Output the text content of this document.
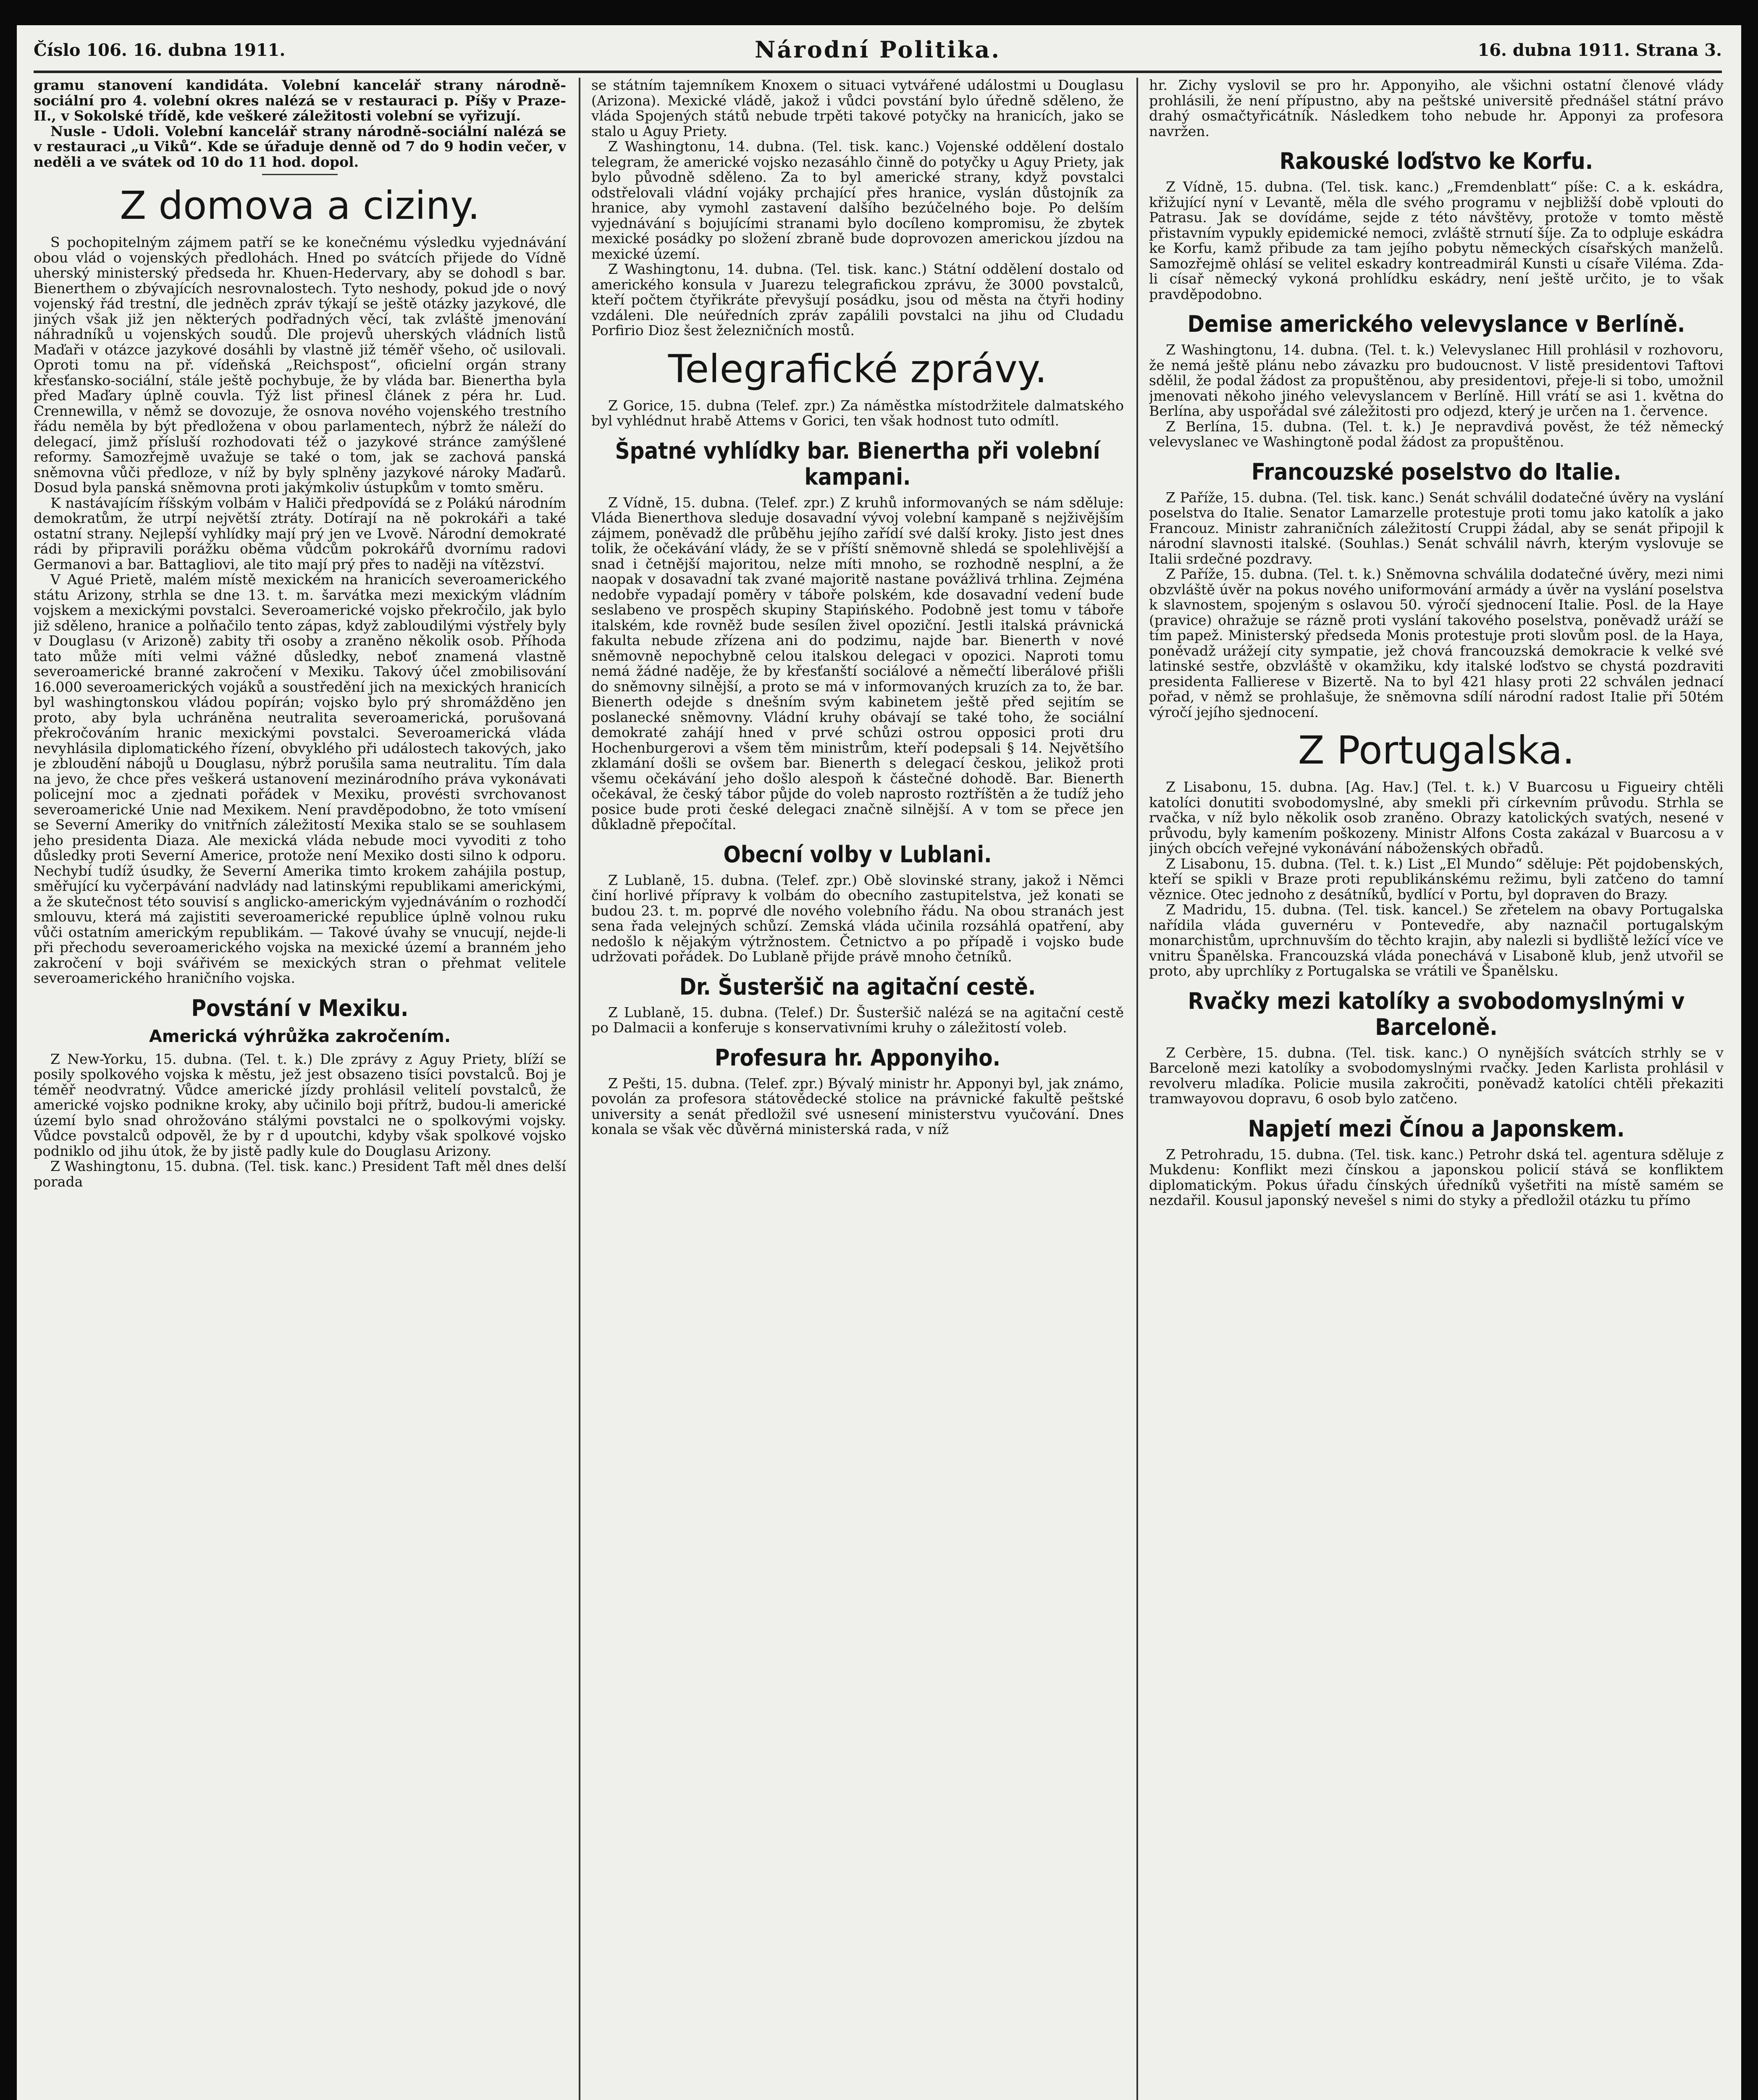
Číslo 106. 16. dubna 1911.	Národní Politika.	16. dubna 1911. Strana 3.

gramu stanovení kandidáta. Volební kancelář strany národně-sociální pro 4. volební okres nalézá se v restauraci p. Píšy v Praze-II., v Sokolské třídě, kde veškeré záležitosti volební se vyřizují.

Nusle - Udoli. Volební kancelář strany národně-sociální nalézá se v restauraci „u Viků“. Kde se úřaduje denně od 7 do 9 hodin večer, v neděli a ve svátek od 10 do 11 hod. dopol.

Z domova a ciziny.

S pochopitelným zájmem patří se ke konečnému výsledku vyjednávání obou vlád o vojenských předlohách. Hned po svátcích přijede do Vídně uherský ministerský předseda hr. Khuen-Hedervary, aby se dohodl s bar. Bienerthem o zbývajících nesrovnalostech. Tyto neshody, pokud jde o nový vojenský řád trestní, dle jedněch zpráv týkají se ještě otázky jazykové, dle jiných však již jen některých podřadných věcí, tak zvláště jmenování náhradníků u vojenských soudů. Dle projevů uherských vládních listů Maďaři v otázce jazykové dosáhli by vlastně již téměř všeho, oč usilovali. Oproti tomu na př. vídeňská „Reichspost“, oficielní orgán strany křesťansko-sociální, stále ještě pochybuje, že by vláda bar. Bienertha byla před Maďary úplně couvla. Týž list přinesl článek z péra hr. Lud. Crennewilla, v němž se dovozuje, že osnova nového vojenského trestního řádu neměla by být předložena v obou parlamentech, nýbrž že náleží do delegací, jimž přísluší rozhodovati též o jazykové stránce zamýšlené reformy. Samozřejmě uvažuje se také o tom, jak se zachová panská sněmovna vůči předloze, v níž by byly splněny jazykové nároky Maďarů. Dosud byla panská sněmovna proti jakýmkoliv ústupkům v tomto směru.

K nastávajícím říšským volbám v Haliči předpovídá se z Polákú národním demokratům, že utrpí největší ztráty. Dotírají na ně pokrokáři a také ostatní strany. Nejlepší vyhlídky mají prý jen ve Lvově. Národní demokraté rádi by připravili porážku oběma vůdcům pokrokářů dvornímu radovi Germanovi a bar. Battagliovi, ale tito mají prý přes to naději na vítězství.

V Agué Prietě, malém místě mexickém na hranicích severoamerického státu Arizony, strhla se dne 13. t. m. šarvátka mezi mexickým vládním vojskem a mexickými povstalci. Severoamerické vojsko překročilo, jak bylo již sděleno, hranice a polňačilo tento zápas, když zabloudilými výstřely byly v Douglasu (v Arizoně) zabity tři osoby a zraněno několik osob. Příhoda tato může míti velmi vážné důsledky, neboť znamená vlastně severoamerické branné zakročení v Mexiku. Takový účel zmobilisování 16.000 severoamerických vojáků a soustředění jich na mexických hranicích byl washingtonskou vládou popírán; vojsko bylo prý shromážděno jen proto, aby byla uchráněna neutralita severoamerická, porušovaná překročováním hranic mexickými povstalci. Severoamerická vláda nevyhlásila diplomatického řízení, obvyklého při událostech takových, jako je zbloudění nábojů u Douglasu, nýbrž porušila sama neutralitu. Tím dala na jevo, že chce přes veškerá ustanovení mezinárodního práva vykonávati policejní moc a zjednati pořádek v Mexiku, provésti svrchovanost severoamerické Unie nad Mexikem. Není pravděpodobno, že toto vmísení se Severní Ameriky do vnitřních záležitostí Mexika stalo se se souhlasem jeho presidenta Diaza. Ale mexická vláda nebude moci vyvoditi z toho důsledky proti Severní Americe, protože není Mexiko dosti silno k odporu. Nechybí tudíž úsudky, že Severní Amerika timto krokem zahájila postup, směřující ku vyčerpávání nadvlády nad latinskými republikami americkými, a že skutečnost této souvisí s anglicko-americkým vyjednáváním o rozhodčí smlouvu, která má zajistiti severoamerické republice úplně volnou ruku vůči ostatním americkým republikám. — Takové úvahy se vnucují, nejde-li při přechodu severoamerického vojska na mexické území a branném jeho zakročení v boji svářivém se mexických stran o přehmat velitele severoamerického hraničního vojska.

Povstání v Mexiku.
Americká výhrůžka zakročením.

Z New-Yorku, 15. dubna. (Tel. t. k.) Dle zprávy z Aguy Priety, blíží se posily spolkového vojska k městu, jež jest obsazeno tisíci povstalců. Boj je téměř neodvratný. Vůdce americké jízdy prohlásil velitelí povstalců, že americké vojsko podnikne kroky, aby učinilo boji přítrž, budou-li americké území bylo snad ohrožováno stálými povstalci ne o spolkovými vojsky. Vůdce povstalců odpověl, že by r d upoutchi, kdyby však spolkové vojsko podniklo od jihu útok, že by jistě padly kule do Douglasu Arizony.

Z Washingtonu, 15. dubna. (Tel. tisk. kanc.) President Taft měl dnes delší porada

se státním tajemníkem Knoxem o situaci vytvářené událostmi u Douglasu (Arizona). Mexické vládě, jakož i vůdci povstání bylo úředně sděleno, že vláda Spojených států nebude trpěti takové potyčky na hranicích, jako se stalo u Aguy Priety.

Z Washingtonu, 14. dubna. (Tel. tisk. kanc.) Vojenské oddělení dostalo telegram, že americké vojsko nezasáhlo činně do potyčky u Aguy Priety, jak bylo původně sděleno. Za to byl americké strany, když povstalci odstřelovali vládní vojáky prchající přes hranice, vyslán důstojník za hranice, aby vymohl zastavení dalšího bezúčelného boje. Po delším vyjednávání s bojujícími stranami bylo docíleno kompromisu, že zbytek mexické posádky po složení zbraně bude doprovozen americkou jízdou na mexické území.

Z Washingtonu, 14. dubna. (Tel. tisk. kanc.) Státní oddělení dostalo od amerického konsula v Juarezu telegrafickou zprávu, že 3000 povstalců, kteří počtem čtyřikráte převyšují posádku, jsou od města na čtyři hodiny vzdáleni. Dle neúředních zpráv zapálili povstalci na jihu od Cludadu Porfirio Dioz šest železničních mostů.

Telegrafické zprávy.

Z Gorice, 15. dubna (Telef. zpr.) Za náměstka místodržitele dalmatského byl vyhlédnut hrabě Attems v Gorici, ten však hodnost tuto odmítl.

Špatné vyhlídky bar. Bienertha při volební kampani.

Z Vídně, 15. dubna. (Telef. zpr.) Z kruhů informovaných se nám sděluje: Vláda Bienerthova sleduje dosavadní vývoj volební kampaně s nejživějším zájmem, poněvadž dle průběhu jejího zařídí své další kroky. Jisto jest dnes tolik, že očekávání vlády, že se v příští sněmovně shledá se spolehlivější a snad i četnější majoritou, nelze míti mnoho, se rozhodně nesplní, a že naopak v dosavadní tak zvané majoritě nastane povážlivá trhlina. Zejména nedobře vypadají poměry v táboře polském, kde dosavadní vedení bude seslabeno ve prospěch skupiny Stapińského. Podobně jest tomu v táboře italském, kde rovněž bude sesílen živel opoziční. Jestli italská právnická fakulta nebude zřízena ani do podzimu, najde bar. Bienerth v nové sněmovně nepochybně celou italskou delegaci v opozici. Naproti tomu nemá žádné naděje, že by křesťanští sociálové a němečtí liberálové přišli do sněmovny silnější, a proto se má v informovaných kruzích za to, že bar. Bienerth odejde s dnešním svým kabinetem ještě před sejitím se poslanecké sněmovny. Vládní kruhy obávají se také toho, že sociální demokraté zahájí hned v prvé schůzi ostrou opposici proti dru Hochenburgerovi a všem těm ministrům, kteří podepsali § 14. Největšího zklamání došli se ovšem bar. Bienerth s delegací českou, jelikož proti všemu očekávání jeho došlo alespoň k částečné dohodě. Bar. Bienerth očekával, že český tábor půjde do voleb naprosto roztříštěn a že tudíž jeho posice bude proti české delegaci značně silnější. A v tom se přece jen důkladně přepočítal.

Obecní volby v Lublani.

Z Lublaně, 15. dubna. (Telef. zpr.) Obě slovinské strany, jakož i Němci činí horlivé přípravy k volbám do obecního zastupitelstva, jež konati se budou 23. t. m. poprvé dle nového volebního řádu. Na obou stranách jest sena řada velejných schůzí. Zemská vláda učinila rozsáhlá opatření, aby nedošlo k nějakým výtržnostem. Četnictvo a po případě i vojsko bude udržovati pořádek. Do Lublaně přijde právě mnoho četníků.

Dr. Šusteršič na agitační cestě.

Z Lublaně, 15. dubna. (Telef.) Dr. Šusteršič nalézá se na agitační cestě po Dalmacii a konferuje s konservativními kruhy o záležitostí voleb.

Profesura hr. Apponyiho.

Z Pešti, 15. dubna. (Telef. zpr.) Bývalý ministr hr. Apponyi byl, jak známo, povolán za profesora státovědecké stolice na právnické fakultě peštské university a senát předložil své usnesení ministerstvu vyučování. Dnes konala se však věc důvěrná ministerská rada, v níž

hr. Zichy vyslovil se pro hr. Apponyiho, ale všichni ostatní členové vlády prohlásili, že není přípustno, aby na peštské universitě přednášel státní právo drahý osmačtyřicátník. Následkem toho nebude hr. Apponyi za profesora navržen.

Rakouské loďstvo ke Korfu.

Z Vídně, 15. dubna. (Tel. tisk. kanc.) „Fremdenblatt“ píše: C. a k. eskádra, křižující nyní v Levantě, měla dle svého programu v nejbližší době vplouti do Patrasu. Jak se dovídáme, sejde z této návštěvy, protože v tomto městě přistavním vypukly epidemické nemoci, zvláště strnutí šíje. Za to odpluje eskádra ke Korfu, kamž přibude za tam jejího pobytu německých císařských manželů. Samozřejmě ohlásí se velitel eskadry kontreadmirál Kunsti u císaře Viléma. Zda-li císař německý vykoná prohlídku eskádry, není ještě určito, je to však pravděpodobno.

Demise amerického velevyslance v Berlíně.

Z Washingtonu, 14. dubna. (Tel. t. k.) Velevyslanec Hill prohlásil v rozhovoru, že nemá ještě plánu nebo závazku pro budoucnost. V listě presidentovi Taftovi sdělil, že podal žádost za propuštěnou, aby presidentovi, přeje-li si tobo, umožnil jmenovati někoho jiného velevyslancem v Berlíně. Hill vrátí se asi 1. května do Berlína, aby uspořádal své záležitosti pro odjezd, který je určen na 1. července.

Z Berlína, 15. dubna. (Tel. t. k.) Je nepravdivá pověst, že též německý velevyslanec ve Washingtoně podal žádost za propuštěnou.

Francouzské poselstvo do Italie.

Z Paříže, 15. dubna. (Tel. tisk. kanc.) Senát schválil dodatečné úvěry na vyslání poselstva do Italie. Senator Lamarzelle protestuje proti tomu jako katolík a jako Francouz. Ministr zahraničních záležitostí Cruppi žádal, aby se senát připojil k národní slavnosti italské. (Souhlas.) Senát schválil návrh, kterým vyslovuje se Italii srdečné pozdravy.

Z Paříže, 15. dubna. (Tel. t. k.) Sněmovna schválila dodatečné úvěry, mezi nimi obzvláště úvěr na pokus nového uniformování armády a úvěr na vyslání poselstva k slavnostem, spojeným s oslavou 50. výročí sjednocení Italie. Posl. de la Haye (pravice) ohražuje se rázně proti vyslání takového poselstva, poněvadž uráží se tím papež. Ministerský předseda Monis protestuje proti slovům posl. de la Haya, poněvadž urážejí city sympatie, jež chová francouzská demokracie k velké své latinské sestře, obzvláště v okamžiku, kdy italské loďstvo se chystá pozdraviti presidenta Fallierese v Bizertě. Na to byl 421 hlasy proti 22 schválen jednací pořad, v němž se prohlašuje, že sněmovna sdílí národní radost Italie při 50tém výročí jejího sjednocení.

Z Portugalska.

Z Lisabonu, 15. dubna. [Ag. Hav.] (Tel. t. k.) V Buarcosu u Figueiry chtěli katolíci donutiti svobodomyslné, aby smekli při církevním průvodu. Strhla se rvačka, v níž bylo několik osob zraněno. Obrazy katolických svatých, nesené v průvodu, byly kamením poškozeny. Ministr Alfons Costa zakázal v Buarcosu a v jiných obcích veřejné vykonávání náboženských obřadů.

Z Lisabonu, 15. dubna. (Tel. t. k.) List „El Mundo“ sděluje: Pět pojdobenských, kteří se spikli v Braze proti republikánskému režimu, byli zatčeno do tamní věznice. Otec jednoho z desátníků, bydlící v Portu, byl dopraven do Brazy.

Z Madridu, 15. dubna. (Tel. tisk. kancel.) Se zřetelem na obavy Portugalska nařídila vláda guvernéru v Pontevedře, aby naznačil portugalským monarchistům, uprchnuvším do těchto krajin, aby nalezli si bydliště ležící více ve vnitru Španělska. Francouzská vláda ponechává v Lisaboně klub, jenž utvořil se proto, aby uprchlíky z Portugalska se vrátili ve Španělsku.

Rvačky mezi katolíky a svobodomyslnými v Barceloně.

Z Cerbère, 15. dubna. (Tel. tisk. kanc.) O nynějších svátcích strhly se v Barceloně mezi katolíky a svobodomyslnými rvačky. Jeden Karlista prohlásil v revolveru mladíka. Policie musila zakročiti, poněvadž katolíci chtěli překaziti tramwayovou dopravu, 6 osob bylo zatčeno.

Napjetí mezi Čínou a Japonskem.

Z Petrohradu, 15. dubna. (Tel. tisk. kanc.) Petrohr dská tel. agentura sděluje z Mukdenu: Konflikt mezi čínskou a japonskou policií stává se konfliktem diplomatickým. Pokus úřadu čínských úředníků vyšetřiti na místě samém se nezdařil. Kousul japonský nevešel s nimi do styky a předložil otázku tu přímo
